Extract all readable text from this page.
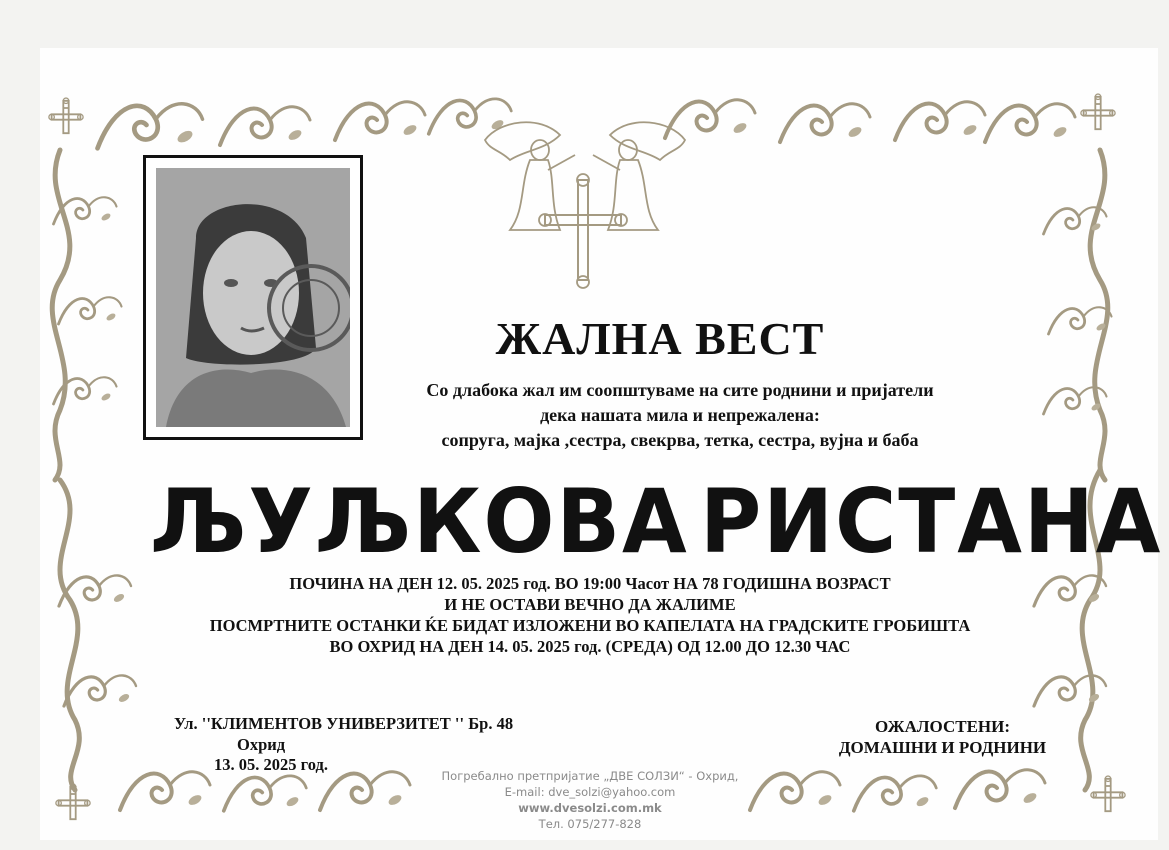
ЖАЛНА ВЕСТ
Со длабока жал им соопштуваме на сите роднини и пријатели
дека нашата мила и непрежалена:
сопруга, мајка ,сестра, свекрва, тетка, сестра, вујна и баба
ЉУЉКОВА РИСТАНА
ПОЧИНА НА ДЕН 12. 05. 2025 год. ВО 19:00 Часот НА 78 ГОДИШНА ВОЗРАСТ
И НЕ ОСТАВИ ВЕЧНО ДА ЖАЛИМЕ
ПОСМРТНИТЕ ОСТАНКИ ЌЕ БИДАТ ИЗЛОЖЕНИ ВО КАПЕЛАТА НА ГРАДСКИТЕ ГРОБИШТА
ВО ОХРИД НА ДЕН 14. 05. 2025 год. (СРЕДА) ОД 12.00 ДО 12.30 ЧАС
Ул. ''КЛИМЕНТОВ УНИВЕРЗИТЕТ '' Бр. 48
Охрид
13. 05. 2025 год.
ОЖАЛОСТЕНИ:
ДОМАШНИ И РОДНИНИ
Погребално претпријатие „ДВЕ СОЛЗИ“ - Охрид,
E-mail: dve_solzi@yahoo.com
www.dvesolzi.com.mk
Тел. 075/277-828
